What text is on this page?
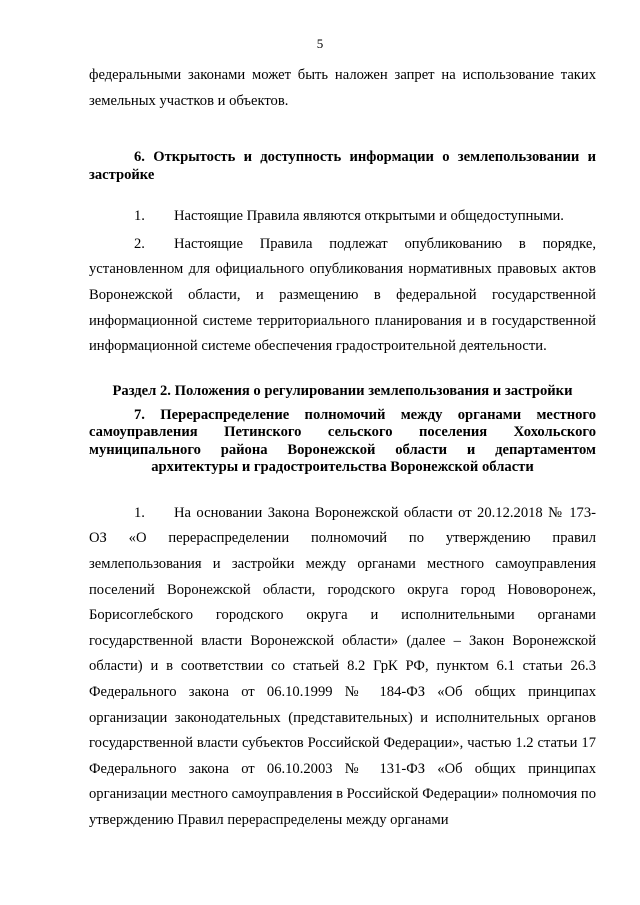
5

федеральными законами может быть наложен запрет на использование таких земельных участков и объектов.

6. Открытость и доступность информации о землепользовании и застройке

1. Настоящие Правила являются открытыми и общедоступными.

2. Настоящие Правила подлежат опубликованию в порядке, установленном для официального опубликования нормативных правовых актов Воронежской области, и размещению в федеральной государственной информационной системе территориального планирования и в государственной информационной системе обеспечения градостроительной деятельности.

Раздел 2. Положения о регулировании землепользования и застройки

7. Перераспределение полномочий между органами местного самоуправления Петинского сельского поселения Хохольского муниципального района Воронежской области и департаментом архитектуры и градостроительства Воронежской области

1. На основании Закона Воронежской области от 20.12.2018 № 173-ОЗ «О перераспределении полномочий по утверждению правил землепользования и застройки между органами местного самоуправления поселений Воронежской области, городского округа город Нововоронеж, Борисоглебского городского округа и исполнительными органами государственной власти Воронежской области» (далее – Закон Воронежской области) и в соответствии со статьей 8.2 ГрК РФ, пунктом 6.1 статьи 26.3 Федерального закона от 06.10.1999 № 184-ФЗ «Об общих принципах организации законодательных (представительных) и исполнительных органов государственной власти субъектов Российской Федерации», частью 1.2 статьи 17 Федерального закона от 06.10.2003 № 131-ФЗ «Об общих принципах организации местного самоуправления в Российской Федерации» полномочия по утверждению Правил перераспределены между органами
